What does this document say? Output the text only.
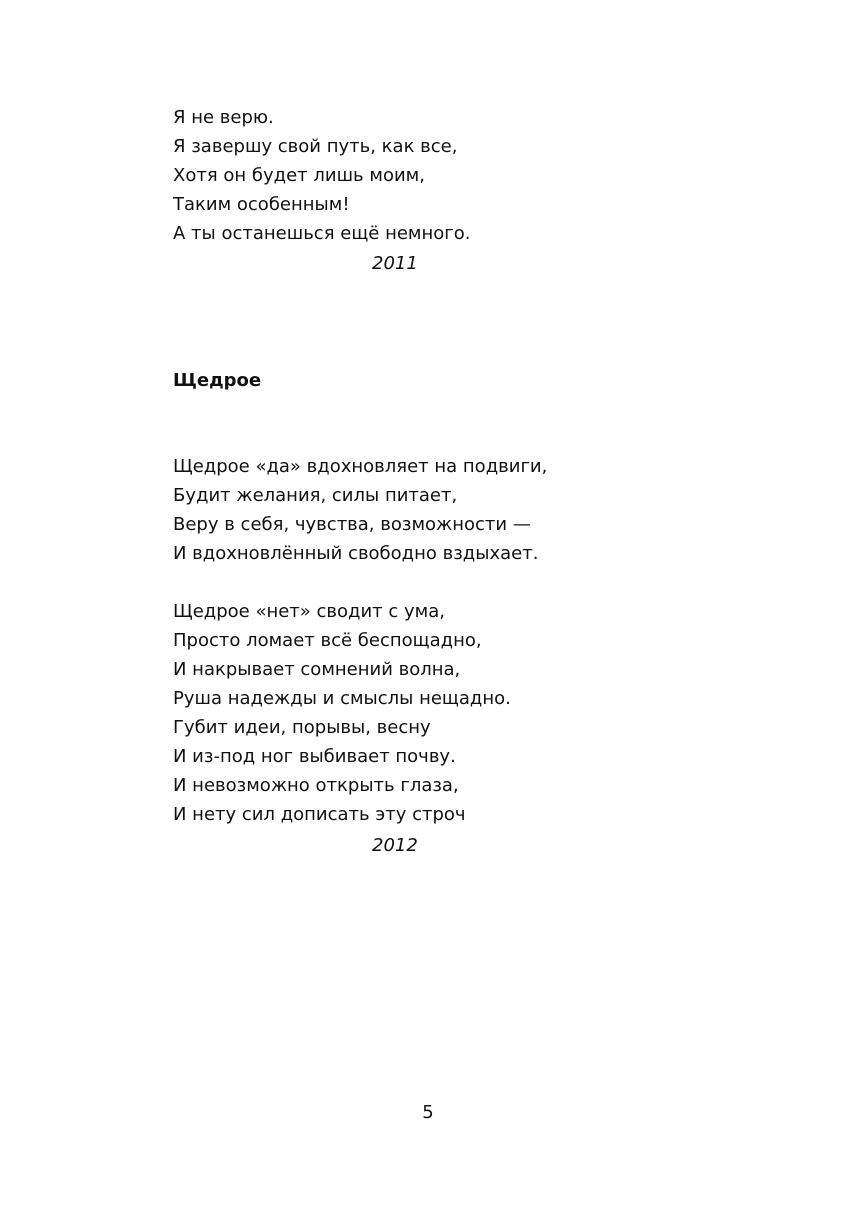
Я не верю.
Я завершу свой путь, как все,
Хотя он будет лишь моим,
Таким особенным!
А ты останешься ещё немного.
2011
Щедрое
Щедрое «да» вдохновляет на подвиги,
Будит желания, силы питает,
Веру в себя, чувства, возможности —
И вдохновлённый свободно вздыхает.
Щедрое «нет» сводит с ума,
Просто ломает всё беспощадно,
И накрывает сомнений волна,
Руша надежды и смыслы нещадно.
Губит идеи, порывы, весну
И из-под ног выбивает почву.
И невозможно открыть глаза,
И нету сил дописать эту строч
2012
5
